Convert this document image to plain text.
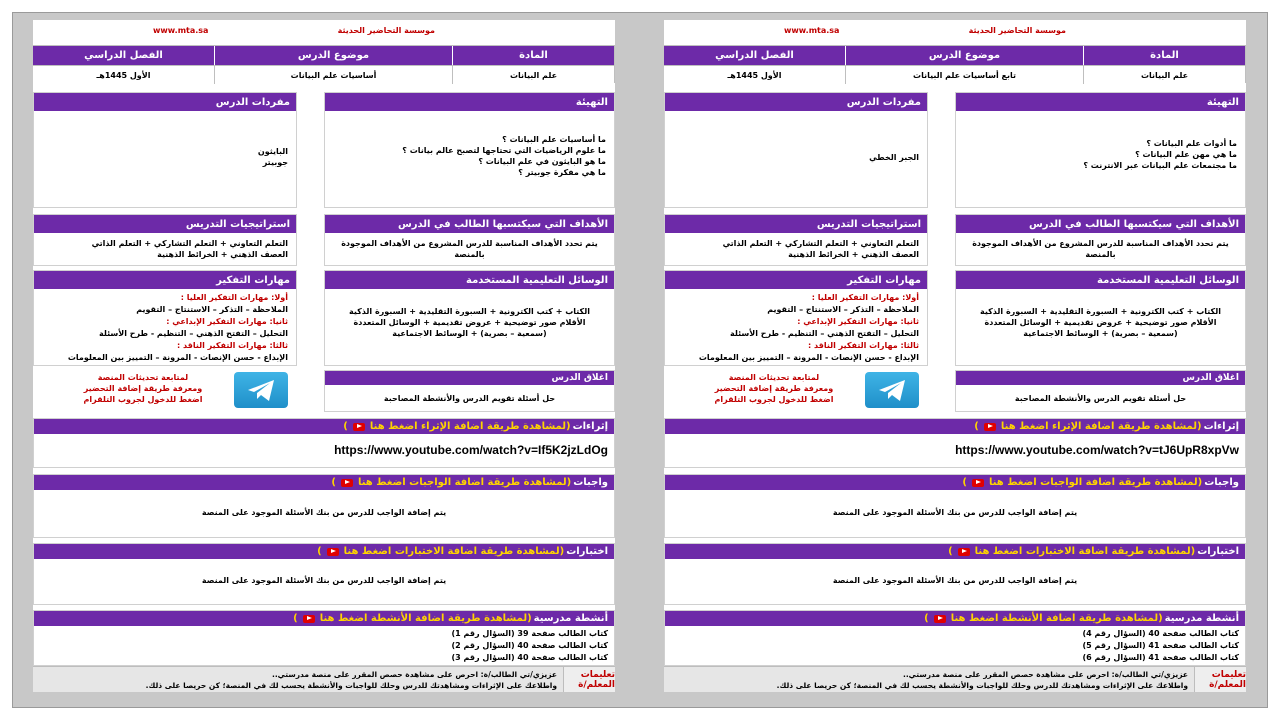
موسسة التحاضير الحديثة
www.mta.sa
المادة
موضوع الدرس
الفصل الدراسي
علم البيانات
أساسيات علم البيانات
الأول 1445هـ
التهيئة
ما أساسيات علم البيانات ؟
ما علوم الرياضيات التي تحتاجها لتصبح عالم بيانات ؟
ما هو البايثون في علم البيانات ؟
ما هي مفكرة جوبيتر ؟
مفردات الدرس
البايثون
جوبيتر
الأهداف التي سيكتسبها الطالب في الدرس
يتم تحدد الأهداف المناسبة للدرس المشروع من الأهداف الموجودة
بالمنصة
استراتيجيات التدريس
التعلم التعاوني + التعلم التشاركي + التعلم الذاتي
العصف الذهني + الخرائط الذهنية
الوسائل التعليمية المستخدمة
الكتاب + كتب الكترونية + السبورة التقليدية + السبورة الذكية
الأقلام صور توضيحية + عروض تقديمية + الوسائل المتعددة
(سمعية – بصرية) + الوسائط الاجتماعية
مهارات التفكير
أولا: مهارات التفكير العليا :
الملاحظة – التذكر – الاستنتاج – التقويم
ثانيا: مهارات التفكير الإبداعي :
التحليل – التفتح الذهني – التنظيم - طرح الأسئلة
ثالثا: مهارات التفكير الناقد :
الإبداع - حسن الإنصات - المرونة – التمييز بين المعلومات
لمتابعة تحديثات المنصة
ومعرفة طريقة إضافة التحضير
اضغط للدخول لجروب التلقرام
اغلاق الدرس
حل أسئلة تقويم الدرس والأنشطة المصاحبة
إثراءات
(لمشاهدة طريقة اضافة الإثراء اضغط هنا
)
https://www.youtube.com/watch?v=If5K2jzLdOg
واجبات
(لمشاهدة طريقة اضافة الواجبات اضغط هنا
)
يتم إضافة الواجب للدرس من بنك الأسئلة الموجود على المنصة
اختبارات
(لمشاهدة طريقة اضافة الاختبارات اضغط هنا
)
يتم إضافة الواجب للدرس من بنك الأسئلة الموجود على المنصة
أنشطة مدرسية
(لمشاهدة طريقة اضافة الأنشطة اضغط هنا
)
كتاب الطالب صفحة 39 (السؤال رقم 1)
كتاب الطالب صفحة 40 (السؤال رقم 2)
كتاب الطالب صفحة 40 (السؤال رقم 3)
تعليمات المعلم/ة
عزيزي/تي الطالب/ة: احرص على مشاهدة حصص المقرر على منصة مدرستي..
واطلاعك على الإثراءات ومشاهدتك للدرس وحلك للواجبات والأنشطة يحسب لك في المنصة؛ كن حريصا على ذلك.
موسسة التحاضير الحديثة
www.mta.sa
المادة
موضوع الدرس
الفصل الدراسي
علم البيانات
تابع أساسيات علم البيانات
الأول 1445هـ
التهيئة
ما أدوات علم البيانات ؟
ما هي مهن علم البيانات ؟
ما مجتمعات علم البيانات عبر الانترنت ؟
مفردات الدرس
الجبر الخطي
الأهداف التي سيكتسبها الطالب في الدرس
يتم تحدد الأهداف المناسبة للدرس المشروع من الأهداف الموجودة
بالمنصة
استراتيجيات التدريس
التعلم التعاوني + التعلم التشاركي + التعلم الذاتي
العصف الذهني + الخرائط الذهنية
الوسائل التعليمية المستخدمة
الكتاب + كتب الكترونية + السبورة التقليدية + السبورة الذكية
الأقلام صور توضيحية + عروض تقديمية + الوسائل المتعددة
(سمعية – بصرية) + الوسائط الاجتماعية
مهارات التفكير
أولا: مهارات التفكير العليا :
الملاحظة – التذكر – الاستنتاج – التقويم
ثانيا: مهارات التفكير الإبداعي :
التحليل – التفتح الذهني – التنظيم - طرح الأسئلة
ثالثا: مهارات التفكير الناقد :
الإبداع - حسن الإنصات - المرونة – التمييز بين المعلومات
لمتابعة تحديثات المنصة
ومعرفة طريقة إضافة التحضير
اضغط للدخول لجروب التلقرام
اغلاق الدرس
حل أسئلة تقويم الدرس والأنشطة المصاحبة
إثراءات
(لمشاهدة طريقة اضافة الإثراء اضغط هنا
)
https://www.youtube.com/watch?v=tJ6UpR8xpVw
واجبات
(لمشاهدة طريقة اضافة الواجبات اضغط هنا
)
يتم إضافة الواجب للدرس من بنك الأسئلة الموجود على المنصة
اختبارات
(لمشاهدة طريقة اضافة الاختبارات اضغط هنا
)
يتم إضافة الواجب للدرس من بنك الأسئلة الموجود على المنصة
أنشطة مدرسية
(لمشاهدة طريقة اضافة الأنشطة اضغط هنا
)
كتاب الطالب صفحة 40 (السؤال رقم 4)
كتاب الطالب صفحة 41 (السؤال رقم 5)
كتاب الطالب صفحة 41 (السؤال رقم 6)
تعليمات المعلم/ة
عزيزي/تي الطالب/ة: احرص على مشاهدة حصص المقرر على منصة مدرستي..
واطلاعك على الإثراءات ومشاهدتك للدرس وحلك للواجبات والأنشطة يحسب لك في المنصة؛ كن حريصا على ذلك.
